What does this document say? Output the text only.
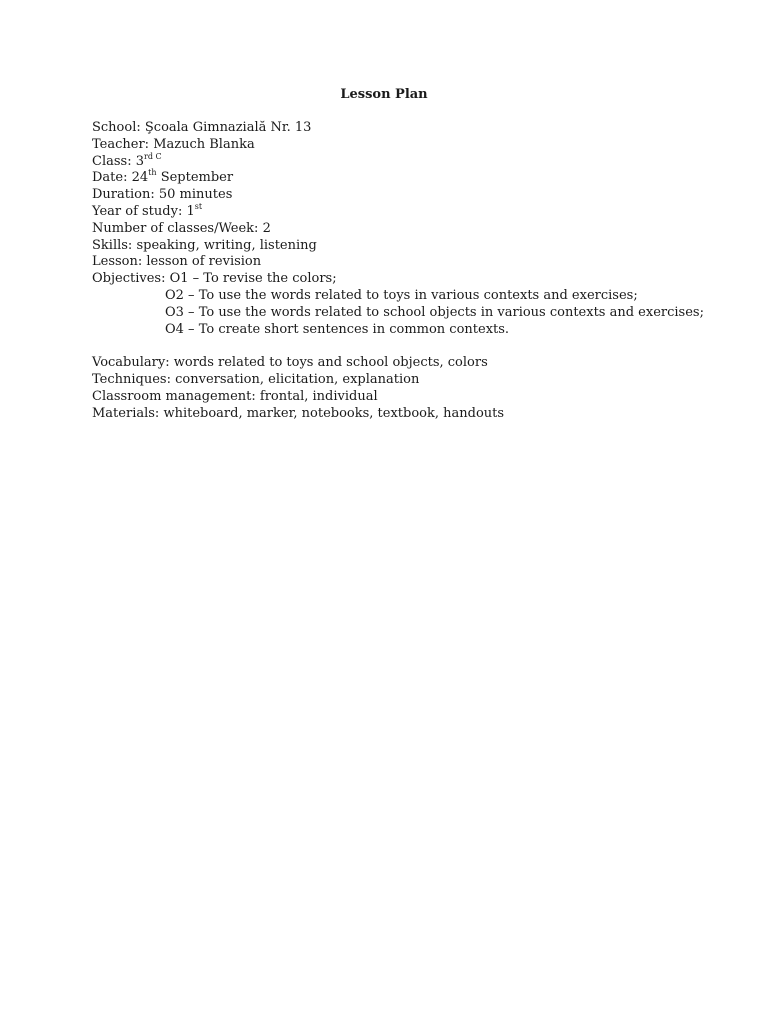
Lesson Plan
School: Şcoala Gimnazială Nr. 13
Teacher: Mazuch Blanka
Class: $3^{rd C}$
Date: 24th September
Duration: 50 minutes
Year of study: 1st
Number of classes/Week: 2
Skills: speaking, writing, listening
Lesson: lesson of revision
Objectives: O1 – To revise the colors;
O2 – To use the words related to toys in various contexts and exercises;
O3 – To use the words related to school objects in various contexts and exercises;
O4 – To create short sentences in common contexts.
Vocabulary: words related to toys and school objects, colors
Techniques: conversation, elicitation, explanation
Classroom management: frontal, individual
Materials: whiteboard, marker, notebooks, textbook, handouts
